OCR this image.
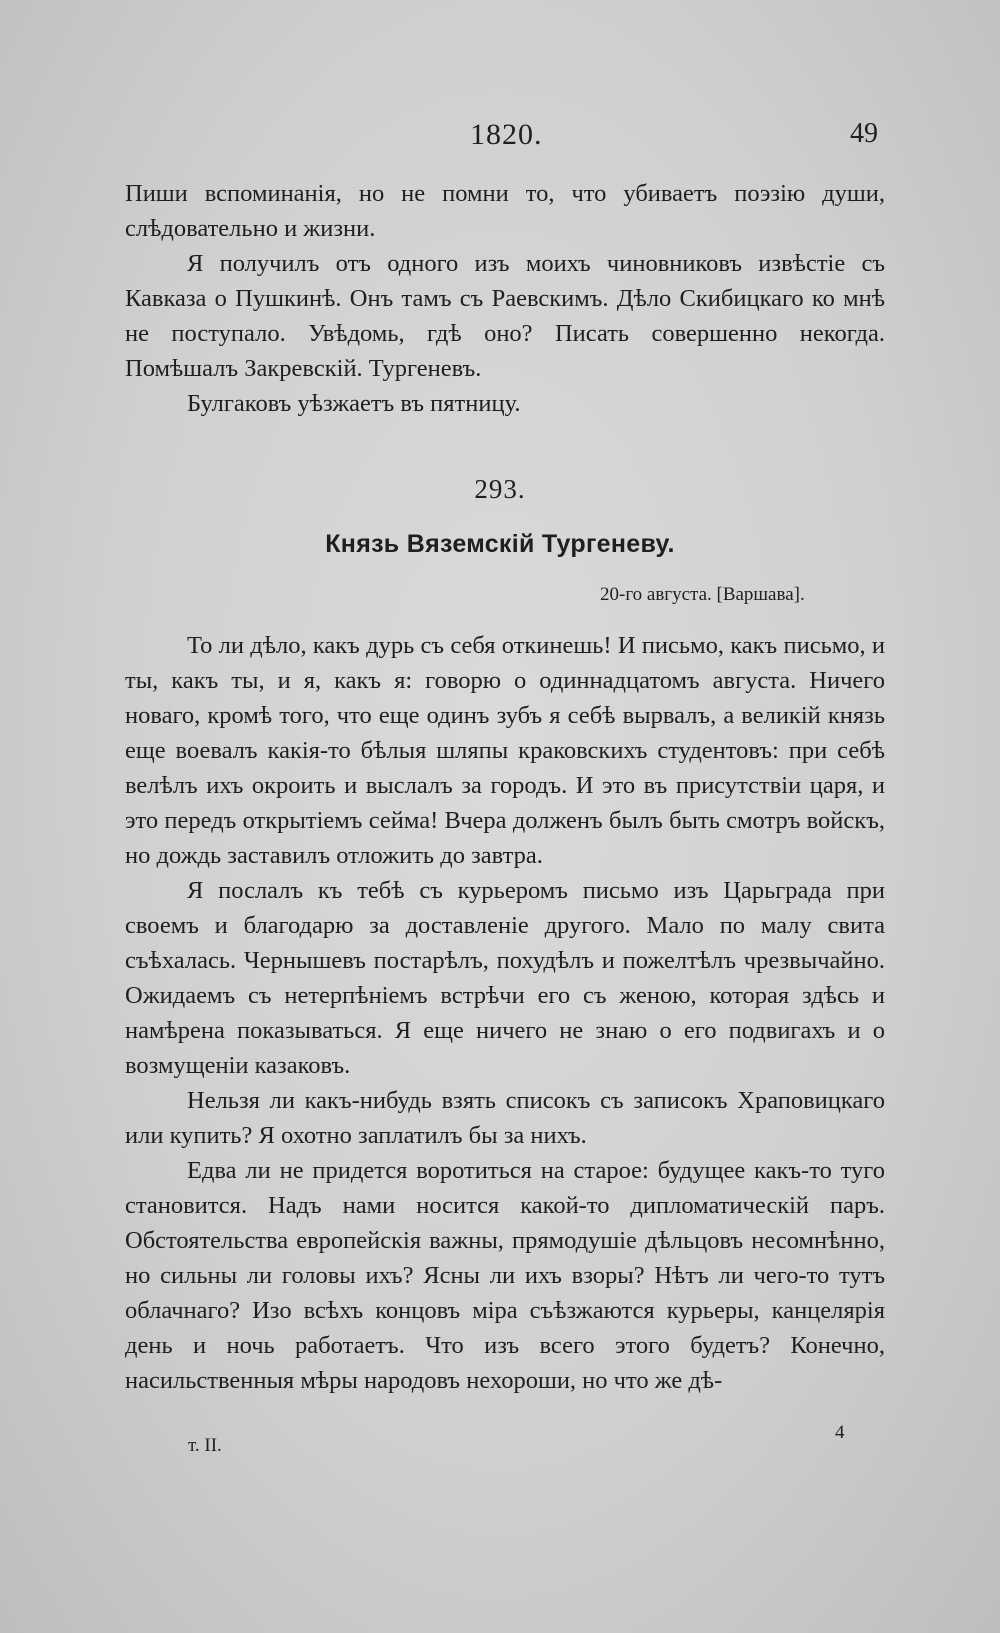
1820.	49

Пиши вспоминанія, но не помни то, что убиваетъ поэзію души, слѣдовательно и жизни.

Я получилъ отъ одного изъ моихъ чиновниковъ извѣстіе съ Кавказа о Пушкинѣ. Онъ тамъ съ Раевскимъ. Дѣло Скибицкаго ко мнѣ не поступало. Увѣдомь, гдѣ оно? Писать совершенно некогда. Помѣшалъ Закревскій. Тургеневъ.

Булгаковъ уѣзжаетъ въ пятницу.

293.
Князь Вяземскій Тургеневу.
20-го августа. [Варшава].

То ли дѣло, какъ дурь съ себя откинешь! И письмо, какъ письмо, и ты, какъ ты, и я, какъ я: говорю о одиннадцатомъ августа. Ничего новаго, кромѣ того, что еще одинъ зубъ я себѣ вырвалъ, а великій князь еще воевалъ какія-то бѣлыя шляпы краковскихъ студентовъ: при себѣ велѣлъ ихъ окроить и выслалъ за городъ. И это въ присутствіи царя, и это передъ открытіемъ сейма! Вчера долженъ былъ быть смотръ войскъ, но дождь заставилъ отложить до завтра.

Я послалъ къ тебѣ съ курьеромъ письмо изъ Царьграда при своемъ и благодарю за доставленіе другого. Мало по малу свита съѣхалась. Чернышевъ постарѣлъ, похудѣлъ и пожелтѣлъ чрезвычайно. Ожидаемъ съ нетерпѣніемъ встрѣчи его съ женою, которая здѣсь и намѣрена показываться. Я еще ничего не знаю о его подвигахъ и о возмущеніи казаковъ.

Нельзя ли какъ-нибудь взять списокъ съ записокъ Храповицкаго или купить? Я охотно заплатилъ бы за нихъ.

Едва ли не придется воротиться на старое: будущее какъ-то туго становится. Надъ нами носится какой-то дипломатическій паръ. Обстоятельства европейскія важны, прямодушіе дѣльцовъ несомнѣнно, но сильны ли головы ихъ? Ясны ли ихъ взоры? Нѣтъ ли чего-то тутъ облачнаго? Изо всѣхъ концовъ міра съѣзжаются курьеры, канцелярія день и ночь работаетъ. Что изъ всего этого будетъ? Конечно, насильственныя мѣры народовъ нехороши, но что же дѣ-

т. II.
4
